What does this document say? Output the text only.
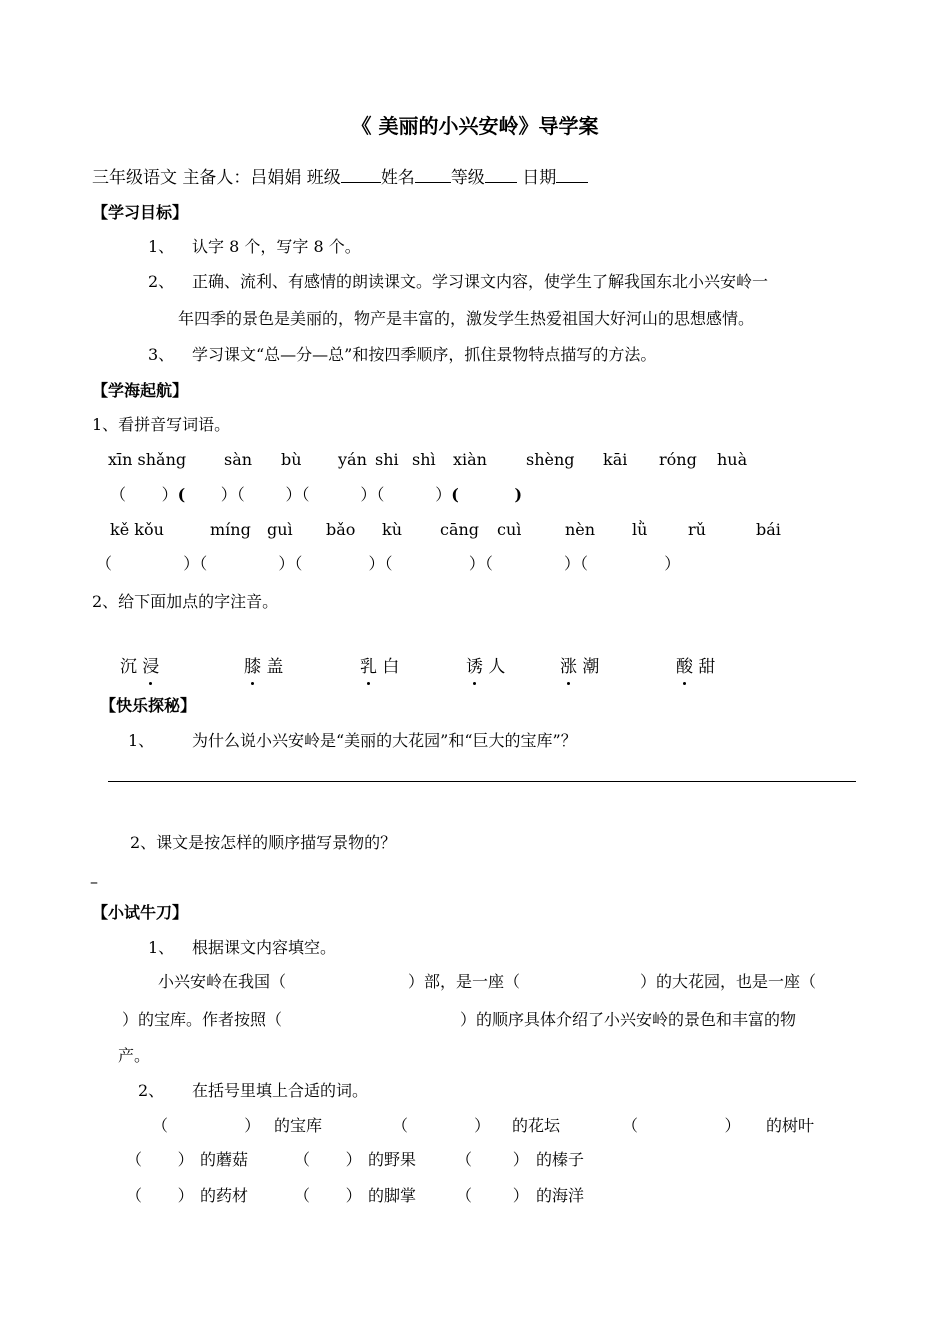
《 美丽的小兴安岭》导学案
三年级语文 主备人：吕娟娟 班级 姓名 等级 日期
【学习目标】
1、 认字 8 个，写字 8 个。
2、 正确、流利、有感情的朗读课文。学习课文内容，使学生了解我国东北小兴安岭一
年四季的景色是美丽的，物产是丰富的，激发学生热爱祖国大好河山的思想感情。
3、 学习课文“总—分—总”和按四季顺序，抓住景物特点描写的方法。
【学海起航】
1、看拼音写词语。
xīn shǎng sàn bù yán shi shì xiàn shèng kāi róng huà
（       ）(       ）（        ）（          ）（          ）(          )
kě kǒu	míng guì bǎo kù cāng cuì	nèn lǜ	rǔ	bái
（              ）（              ）（             ）（               ）（              ）（               ）
2、给下面加点的字注音。
沉 浸	膝 盖	乳 白	诱 人	涨 潮	酸 甜
【快乐探秘】
1、 为什么说小兴安岭是“美丽的大花园”和“巨大的宝库”？
2、课文是按怎样的顺序描写景物的？
–
【小试牛刀】
1、 根据课文内容填空。
小兴安岭在我国（	）部，是一座（	）的大花园，也是一座（
）的宝库。作者按照（	）的顺序具体介绍了小兴安岭的景色和丰富的物
产。
2、 在括号里填上合适的词。
（               ） 的宝库	（             ） 的花坛	（                 ） 的树叶
（       ） 的蘑菇	（       ） 的野果 （        ） 的榛子
（       ） 的药材	（       ） 的脚掌 （        ） 的海洋
